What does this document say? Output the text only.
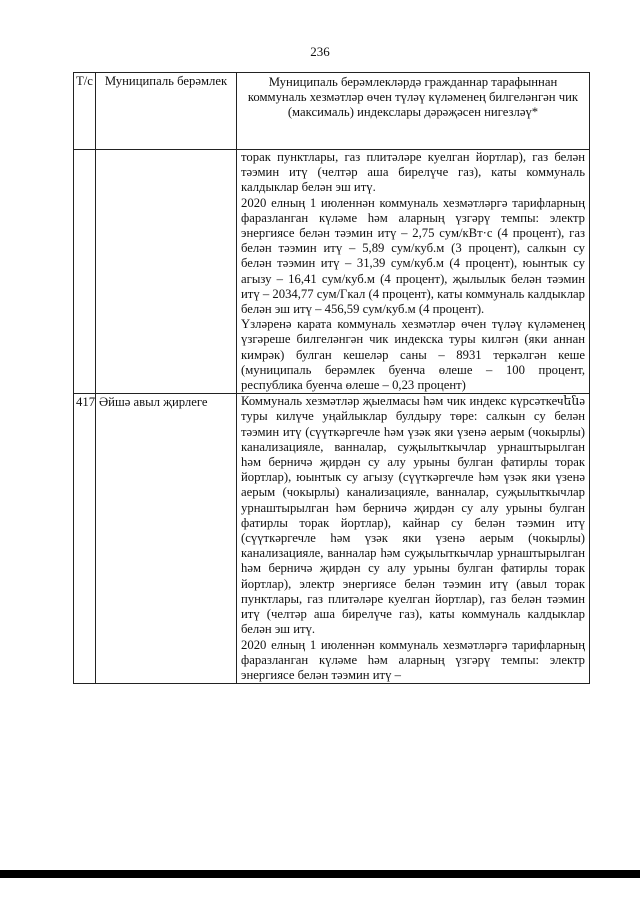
236
Т/с	Муниципаль берәмлек	Муниципаль берәмлекләрдә гражданнар тарафыннан коммуналь хезмәтләр өчен түләү күләменең билгеләнгән чик (максималь) индекслары дәрәҗәсен нигезләү*

		торак пунктлары, газ плитәләре куелган йортлар), газ белән тәэмин итү (челтәр аша бирелүче газ), каты коммуналь калдыклар белән эш итү.

2020 елның 1 июленнән коммуналь хезмәтләргә тарифларның фаразланган күләме һәм аларның үзгәрү темпы: электр энергиясе белән тәэмин итү – 2,75 сум/кВт·с (4 процент), газ белән тәэмин итү – 5,89 сум/куб.м (3 процент), салкын су белән тәэмин итү – 31,39 сум/куб.м (4 процент), юынтык су агызу – 16,41 сум/куб.м (4 процент), җылылык белән тәэмин итү – 2034,77 сум/Гкал (4 процент), каты коммуналь калдыклар белән эш итү – 456,59 сум/куб.м (4 процент).

Үзләренә карата коммуналь хезмәтләр өчен түләү күләменең үзгәреше билгеләнгән чик индекска туры килгән (яки аннан кимрәк) булган кешеләр саны – 8931 теркәлгән кеше (муниципаль берәмлек буенча өлеше – 100 процент, республика буенча өлеше – 0,23 процент)

417	Әйшә авыл җирлеге	Коммуналь хезмәтләр җыелмасы һәм чик индекс күрсәткечենә туры килүче уңайлыклар булдыру төре: салкын су белән тәэмин итү (сүүткәргечле һәм үзәк яки үзенә аерым (чокырлы) канализацияле, ванналар, суҗылыткычлар урнаштырылган һәм берничә җирдән су алу урыны булган фатирлы торак йортлар), юынтык су агызу (сүүткәргечле һәм үзәк яки үзенә аерым (чокырлы) канализацияле, ванналар, суҗылыткычлар урнаштырылган һәм берничә җирдән су алу урыны булган фатирлы торак йортлар), кайнар су белән тәэмин итү (сүүткәргечле һәм үзәк яки үзенә аерым (чокырлы) канализацияле, ванналар һәм суҗылыткычлар урнаштырылган һәм берничә җирдән су алу урыны булган фатирлы торак йортлар), электр энергиясе белән тәэмин итү (авыл торак пунктлары, газ плитәләре куелган йортлар), газ белән тәэмин итү (челтәр аша бирелүче газ), каты коммуналь калдыклар белән эш итү.

2020 елның 1 июленнән коммуналь хезмәтләргә тарифларның фаразланган күләме һәм аларның үзгәрү темпы: электр энергиясе белән тәэмин итү –
